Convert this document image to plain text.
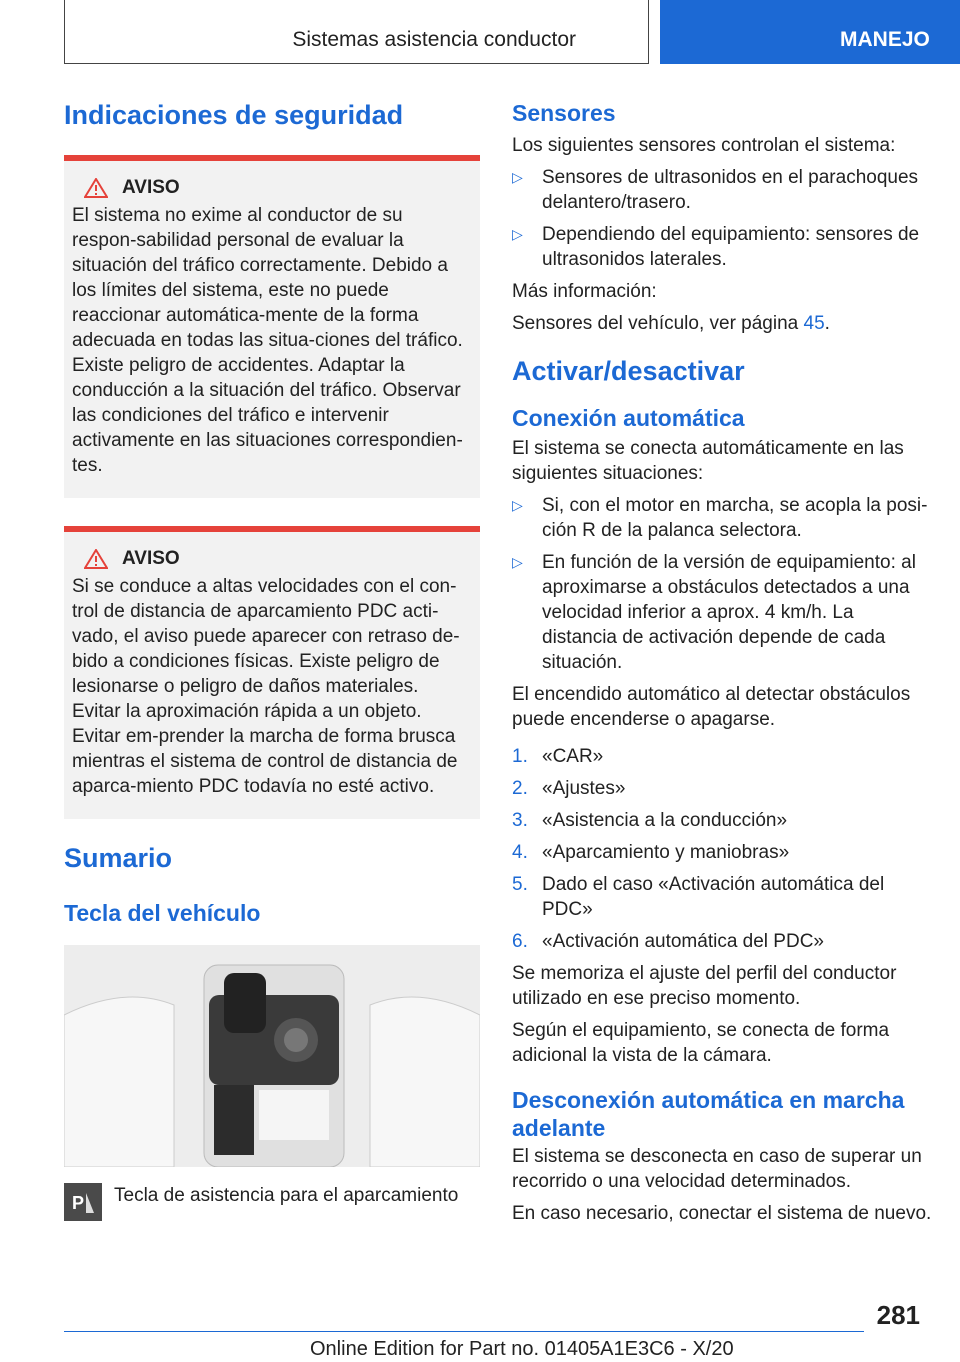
Sistemas asistencia conductor	MANEJO
Indicaciones de seguridad
AVISO
El sistema no exime al conductor de su respon-sabilidad personal de evaluar la situación del tráfico correctamente. Debido a los límites del sistema, este no puede reaccionar automática-mente de la forma adecuada en todas las situa-ciones del tráfico. Existe peligro de accidentes. Adaptar la conducción a la situación del tráfico. Observar las condiciones del tráfico e intervenir activamente en las situaciones correspondien-tes.
AVISO
Si se conduce a altas velocidades con el con-trol de distancia de aparcamiento PDC acti-vado, el aviso puede aparecer con retraso de-bido a condiciones físicas. Existe peligro de lesionarse o peligro de daños materiales. Evitar la aproximación rápida a un objeto. Evitar em-prender la marcha de forma brusca mientras el sistema de control de distancia de aparca-miento PDC todavía no esté activo.
Sumario
Tecla del vehículo
P Tecla de asistencia para el aparcamiento

Sensores

Los siguientes sensores controlan el sistema:

▷ Sensores de ultrasonidos en el parachoques delantero/trasero.
▷ Dependiendo del equipamiento: sensores de ultrasonidos laterales.

Más información:

Sensores del vehículo, ver página 45.

Activar/desactivar
Conexión automática

El sistema se conecta automáticamente en las siguientes situaciones:

▷ Si, con el motor en marcha, se acopla la posi-ción R de la palanca selectora.
▷ En función de la versión de equipamiento: al aproximarse a obstáculos detectados a una velocidad inferior a aprox. 4 km/h. La distancia de activación depende de cada situación.

El encendido automático al detectar obstáculos puede encenderse o apagarse.

1. «CAR»
2. «Ajustes»
3. «Asistencia a la conducción»
4. «Aparcamiento y maniobras»
5. Dado el caso «Activación automática del PDC»
6. «Activación automática del PDC»

Se memoriza el ajuste del perfil del conductor utilizado en ese preciso momento.

Según el equipamiento, se conecta de forma adicional la vista de la cámara.

Desconexión automática en marcha adelante

El sistema se desconecta en caso de superar un recorrido o una velocidad determinados.

En caso necesario, conectar el sistema de nuevo.

281
Online Edition for Part no. 01405A1E3C6 - X/20
